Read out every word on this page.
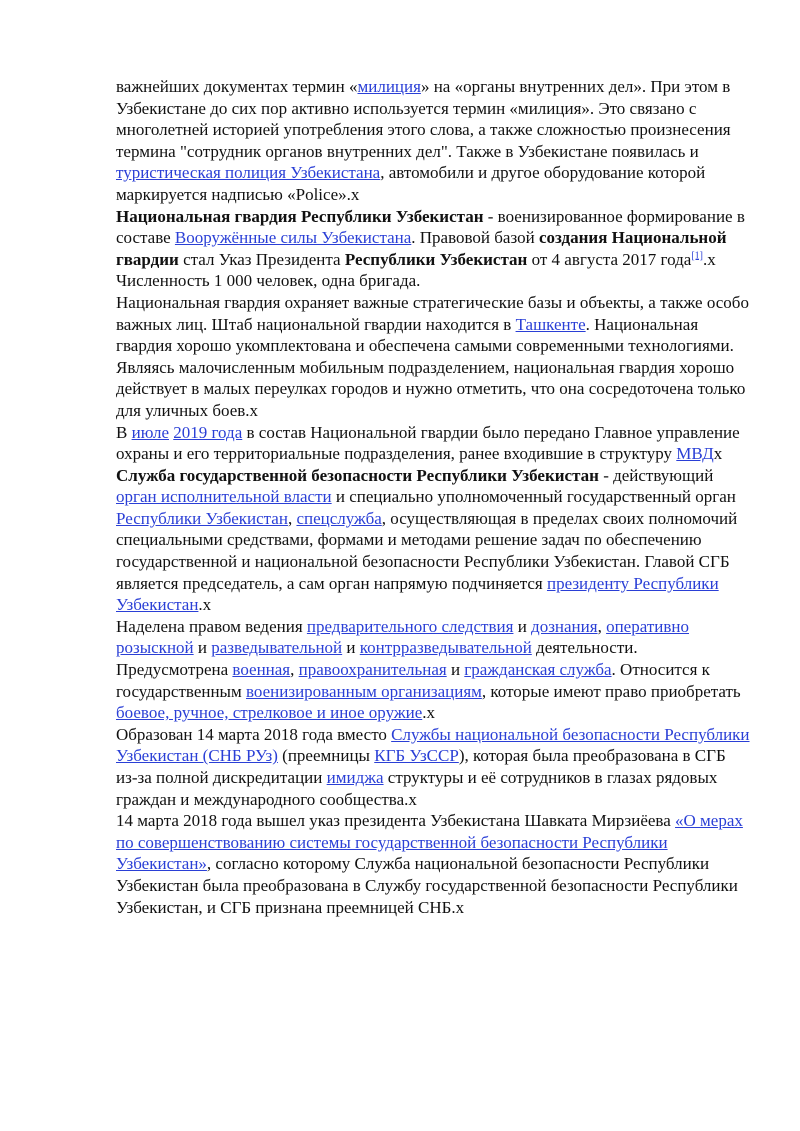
важнейших документах термин «милиция» на «органы внутренних дел». При этом в Узбекистане до сих пор активно используется термин «милиция». Это связано с многолетней историей употребления этого слова, а также сложностью произнесения термина "сотрудник органов внутренних дел". Также в Узбекистане появилась и туристическая полиция Узбекистана, автомобили и другое оборудование которой маркируется надписью «Police».х

Национальная гвардия Республики Узбекистан - военизированное формирование в составе Вооружённые силы Узбекистана. Правовой базой создания Национальной гвардии стал Указ Президента Республики Узбекистан от 4 августа 2017 года[1].х

Численность 1 000 человек, одна бригада.

Национальная гвардия охраняет важные стратегические базы и объекты, а также особо важных лиц. Штаб национальной гвардии находится в Ташкенте. Национальная гвардия хорошо укомплектована и обеспечена самыми современными технологиями. Являясь малочисленным мобильным подразделением, национальная гвардия хорошо действует в малых переулках городов и нужно отметить, что она сосредоточена только для уличных боев.х

В июле 2019 года в состав Национальной гвардии было передано Главное управление охраны и его территориальные подразделения, ранее входившие в структуру МВДх

Служба государственной безопасности Республики Узбекистан - действующий орган исполнительной власти и специально уполномоченный государственный орган Республики Узбекистан, спецслужба, осуществляющая в пределах своих полномочий специальными средствами, формами и методами решение задач по обеспечению государственной и национальной безопасности Республики Узбекистан. Главой СГБ является председатель, а сам орган напрямую подчиняется президенту Республики Узбекистан.х

Наделена правом ведения предварительного следствия и дознания, оперативно розыскной и разведывательной и контрразведывательной деятельности. Предусмотрена военная, правоохранительная и гражданская служба. Относится к государственным военизированным организациям, которые имеют право приобретать боевое, ручное, стрелковое и иное оружие.х

Образован 14 марта 2018 года вместо Службы национальной безопасности Республики Узбекистан (СНБ РУз) (преемницы КГБ УзССР), которая была преобразована в СГБ из-за полной дискредитации имиджа структуры и её сотрудников в глазах рядовых граждан и международного сообщества.х

14 марта 2018 года вышел указ президента Узбекистана Шавката Мирзиёева «О мерах по совершенствованию системы государственной безопасности Республики Узбекистан», согласно которому Служба национальной безопасности Республики Узбекистан была преобразована в Службу государственной безопасности Республики Узбекистан, и СГБ признана преемницей СНБ.х
